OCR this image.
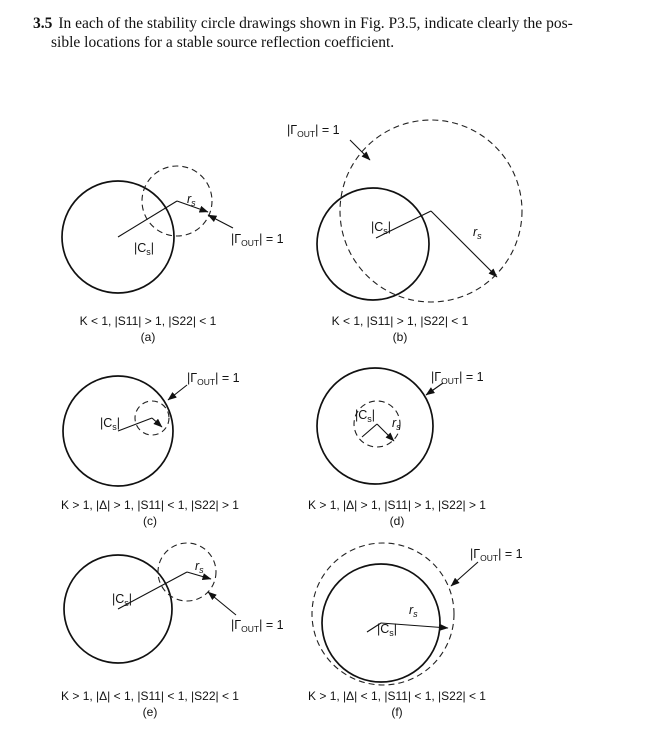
3.5 In each of the stability circle drawings shown in Fig. P3.5, indicate clearly the pos-
sible locations for a stable source reflection coefficient.
$r_s$
$|C_s|$
$|\Gamma_{OUT}| = 1$
K < 1, |S11| > 1, |S22| < 1
(a)
$|\Gamma_{OUT}| = 1$
$|C_s|$	$r_s$
K < 1, |S11| > 1, |S22| < 1
(b)
$|\Gamma_{OUT}| = 1$
$|C_s|$
K > 1, |Δ| > 1, |S11| < 1, |S22| > 1
(c)
$|\Gamma_{OUT}| = 1$
$|C_s|$
$r_s$
K > 1, |Δ| > 1, |S11| > 1, |S22| > 1
(d)
$r_s$
$|C_s|$
$|\Gamma_{OUT}| = 1$
K > 1, |Δ| < 1, |S11| < 1, |S22| < 1
(e)
$|\Gamma_{OUT}| = 1$
$r_s$
$|C_s|$
K > 1, |Δ| < 1, |S11| < 1, |S22| < 1
(f)
